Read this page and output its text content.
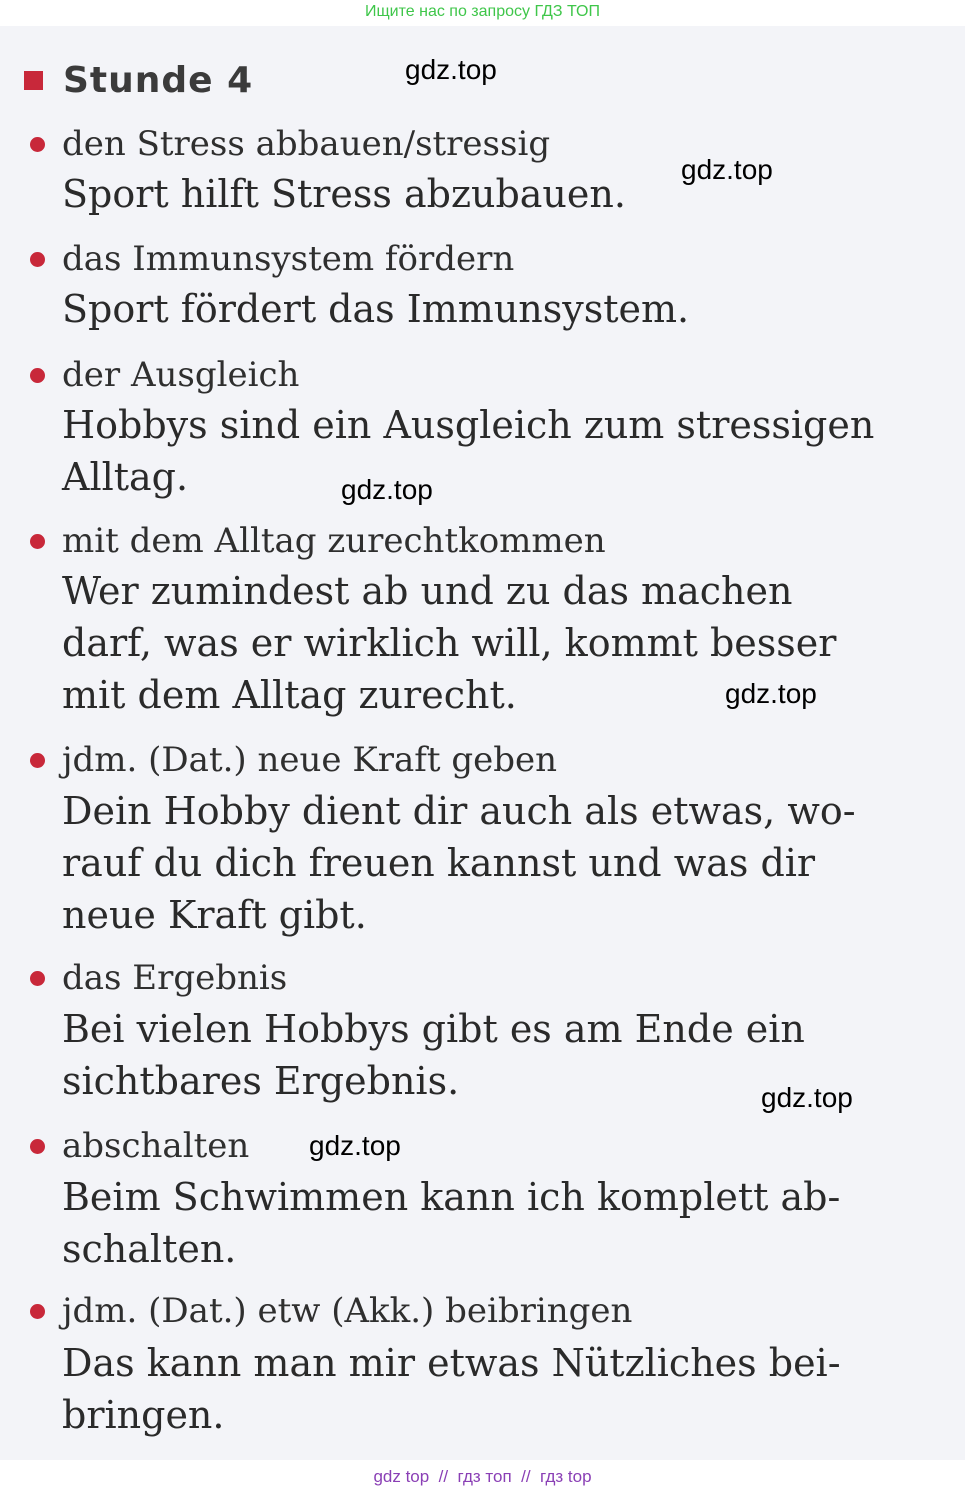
Ищите нас по запросу ГДЗ ТОП
Stunde 4
den Stress abbauen/stressig
Sport hilft Stress abzubauen.
das Immunsystem fördern
Sport fördert das Immunsystem.
der Ausgleich
Hobbys sind ein Ausgleich zum stressigen
Alltag.
mit dem Alltag zurechtkommen
Wer zumindest ab und zu das machen
darf, was er wirklich will, kommt besser
mit dem Alltag zurecht.
jdm. (Dat.) neue Kraft geben
Dein Hobby dient dir auch als etwas, wo-
rauf du dich freuen kannst und was dir
neue Kraft gibt.
das Ergebnis
Bei vielen Hobbys gibt es am Ende ein
sichtbares Ergebnis.
abschalten
Beim Schwimmen kann ich komplett ab-
schalten.
jdm. (Dat.) etw (Akk.) beibringen
Das kann man mir etwas Nützliches bei-
bringen.
gdz.top
gdz.top
gdz.top
gdz.top
gdz.top
gdz.top
gdz top  //  гдз топ  //  гдз top
